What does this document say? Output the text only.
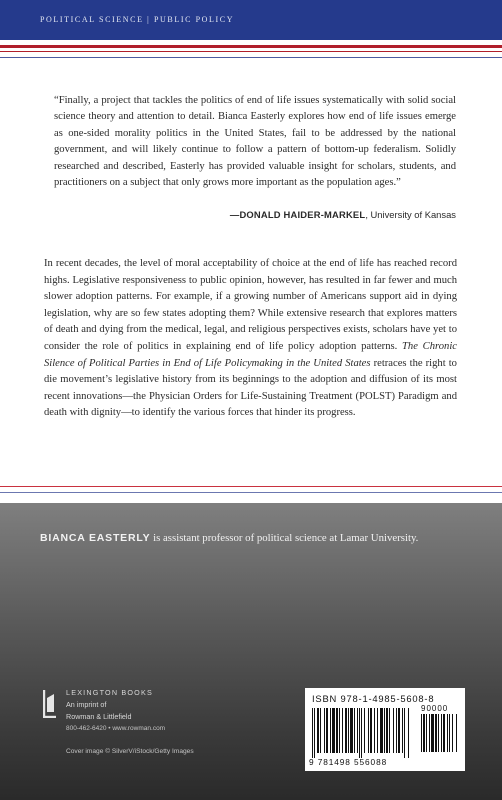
POLITICAL SCIENCE | PUBLIC POLICY
“Finally, a project that tackles the politics of end of life issues systematically with solid social science theory and attention to detail. Bianca Easterly explores how end of life issues emerge as one-sided morality politics in the United States, fail to be addressed by the national government, and will likely continue to follow a pattern of bottom-up federalism. Solidly researched and described, Easterly has provided valuable insight for scholars, students, and practitioners on a subject that only grows more important as the population ages.”
—DONALD HAIDER-MARKEL, University of Kansas

In recent decades, the level of moral acceptability of choice at the end of life has reached record highs. Legislative responsiveness to public opinion, however, has resulted in far fewer and much slower adoption patterns. For example, if a growing number of Americans support aid in dying legislation, why are so few states adopting them? While extensive research that explores matters of death and dying from the medical, legal, and religious perspectives exists, scholars have yet to consider the role of politics in explaining end of life policy adoption patterns. The Chronic Silence of Political Parties in End of Life Policymaking in the United States retraces the right to die movement’s legislative history from its beginnings to the adoption and diffusion of its most recent innovations—the Physician Orders for Life-Sustaining Treatment (POLST) Paradigm and death with dignity—to identify the various forces that hinder its progress.

BIANCA EASTERLY is assistant professor of political science at Lamar University.
LEXINGTON BOOKS
An imprint of
Rowman & Littlefield
800-462-6420 • www.rowman.com
Cover image © SilverV/iStock/Getty Images
ISBN 978-1-4985-5608-8
90000
9 781498 556088
